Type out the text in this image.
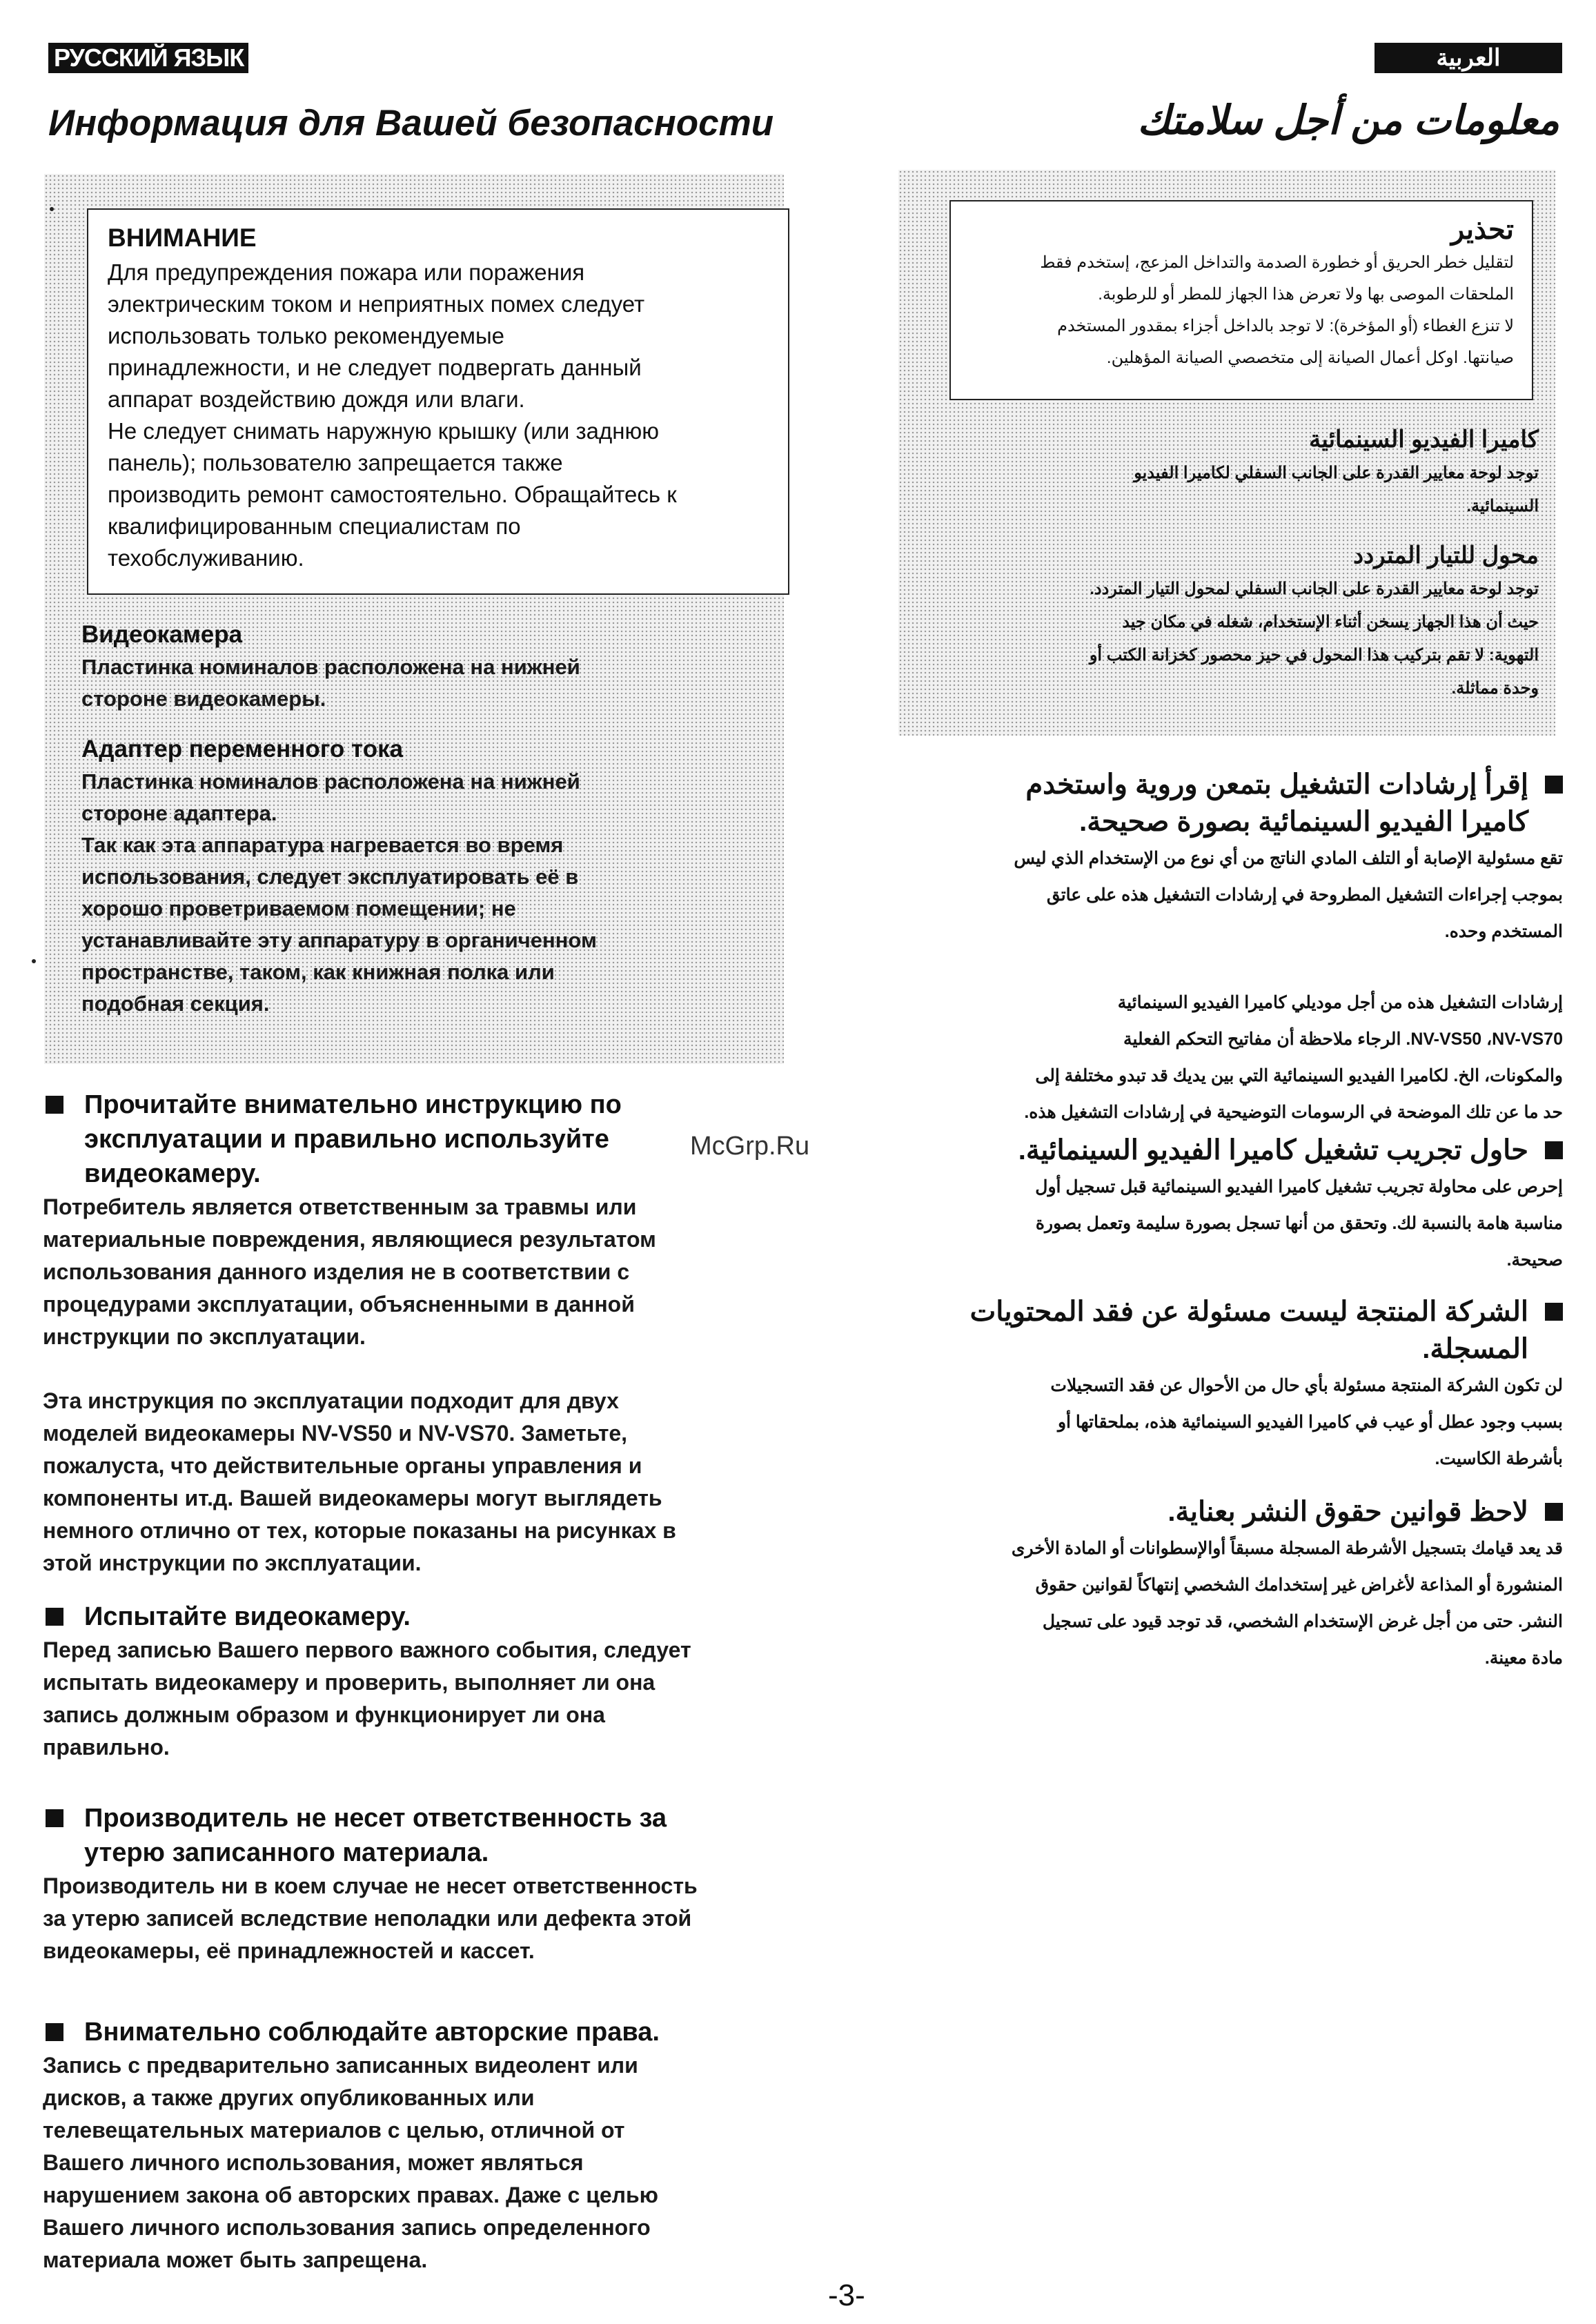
РУССКИЙ ЯЗЫК	العربية
Информация для Вашей безопасности	معلومات من أجل سلامتك
ВНИМАНИЕ
Для предупреждения пожара или поражения
электрическим током и неприятных помех следует
использовать только рекомендуемые
принадлежности, и не следует подвергать данный
аппарат воздействию дождя или влаги.
Не следует снимать наружную крышку (или заднюю
панель); пользователю запрещается также
производить ремонт самостоятельно. Обращайтесь к
квалифицированным специалистам по
техобслуживанию.
Видеокамера
Пластинка номиналов расположена на нижней
стороне видеокамеры.
Адаптер переменного тока
Пластинка номиналов расположена на нижней
стороне адаптера.
Так как эта аппаратура нагревается во время
использования, следует эксплуатировать её в
хорошо проветриваемом помещении; не
устанавливайте эту аппаратуру в органиченном
пространстве, таком, как книжная полка или
подобная секция.
Прочитайте внимательно инструкцию по
эксплуатации и правильно используйте
видеокамеру.
Потребитель является ответственным за травмы или
материальные повреждения, являющиеся результатом
использования данного изделия не в соответствии с
процедурами эксплуатации, объясненными в данной
инструкции по эксплуатации.
Эта инструкция по эксплуатации подходит для двух
моделей видеокамеры NV-VS50 и NV-VS70. Заметьте,
пожалуста, что действительные органы управления и
компоненты ит.д. Вашей видеокамеры могут выглядеть
немного отлично от тех, которые показаны на рисунках в
этой инструкции по эксплуатации.
Испытайте видеокамеру.
Перед записью Вашего первого важного события, следует
испытать видеокамеру и проверить, выполняет ли она
запись должным образом и функционирует ли она
правильно.
Производитель не несет ответственность за
утерю записанного материала.
Производитель ни в коем случае не несет ответственность
за утерю записей вследствие неполадки или дефекта этой
видеокамеры, её принадлежностей и кассет.
Внимательно соблюдайте авторские права.
Запись с предварительно записанных видеолент или
дисков, а также других опубликованных или
телевещательных материалов с целью, отличной от
Вашего личного использования, может являться
нарушением закона об авторских правах. Даже с целью
Вашего личного использования запись определенного
материала может быть запрещена.
تحذير
لتقليل خطر الحريق أو خطورة الصدمة والتداخل المزعج، إستخدم فقط
الملحقات الموصى بها ولا تعرض هذا الجهاز للمطر أو للرطوبة.
لا تنزع الغطاء (أو المؤخرة): لا توجد بالداخل أجزاء بمقدور المستخدم
صيانتها. اوكل أعمال الصيانة إلى متخصصي الصيانة المؤهلين.
كاميرا الفيديو السينمائية
توجد لوحة معايير القدرة على الجانب السفلي لكاميرا الفيديو
السينمائية.
محول للتيار المتردد
توجد لوحة معايير القدرة على الجانب السفلي لمحول التيار المتردد.
حيث أن هذا الجهاز يسخن أثناء الإستخدام، شغله في مكان جيد
التهوية: لا تقم بتركيب هذا المحول في حيز محصور كخزانة الكتب أو
وحدة مماثلة.
إقرأ إرشادات التشغيل بتمعن وروية واستخدم
كاميرا الفيديو السينمائية بصورة صحيحة.
تقع مسئولية الإصابة أو التلف المادي الناتج من أي نوع من الإستخدام الذي ليس
بموجب إجراءات التشغيل المطروحة في إرشادات التشغيل هذه على عاتق
المستخدم وحده.
إرشادات التشغيل هذه من أجل موديلي كاميرا الفيديو السينمائية
NV-VS50 ،NV-VS70. الرجاء ملاحظة أن مفاتيح التحكم الفعلية
والمكونات، الخ. لكاميرا الفيديو السينمائية التي بين يديك قد تبدو مختلفة إلى
حد ما عن تلك الموضحة في الرسومات التوضيحية في إرشادات التشغيل هذه.
حاول تجريب تشغيل كاميرا الفيديو السينمائية.
إحرص على محاولة تجريب تشغيل كاميرا الفيديو السينمائية قبل تسجيل أول
مناسبة هامة بالنسبة لك. وتحقق من أنها تسجل بصورة سليمة وتعمل بصورة
صحيحة.
الشركة المنتجة ليست مسئولة عن فقد المحتويات
المسجلة.
لن تكون الشركة المنتجة مسئولة بأي حال من الأحوال عن فقد التسجيلات
بسبب وجود عطل أو عيب في كاميرا الفيديو السينمائية هذه، بملحقاتها أو
بأشرطة الكاسيت.
لاحظ قوانين حقوق النشر بعناية.
قد يعد قيامك بتسجيل الأشرطة المسجلة مسبقاً أوالإسطوانات أو المادة الأخرى
المنشورة أو المذاعة لأغراض غير إستخدامك الشخصي إنتهاكاً لقوانين حقوق
النشر. حتى من أجل غرض الإستخدام الشخصي، قد توجد قيود على تسجيل
مادة معينة.
McGrp.Ru
-3-
